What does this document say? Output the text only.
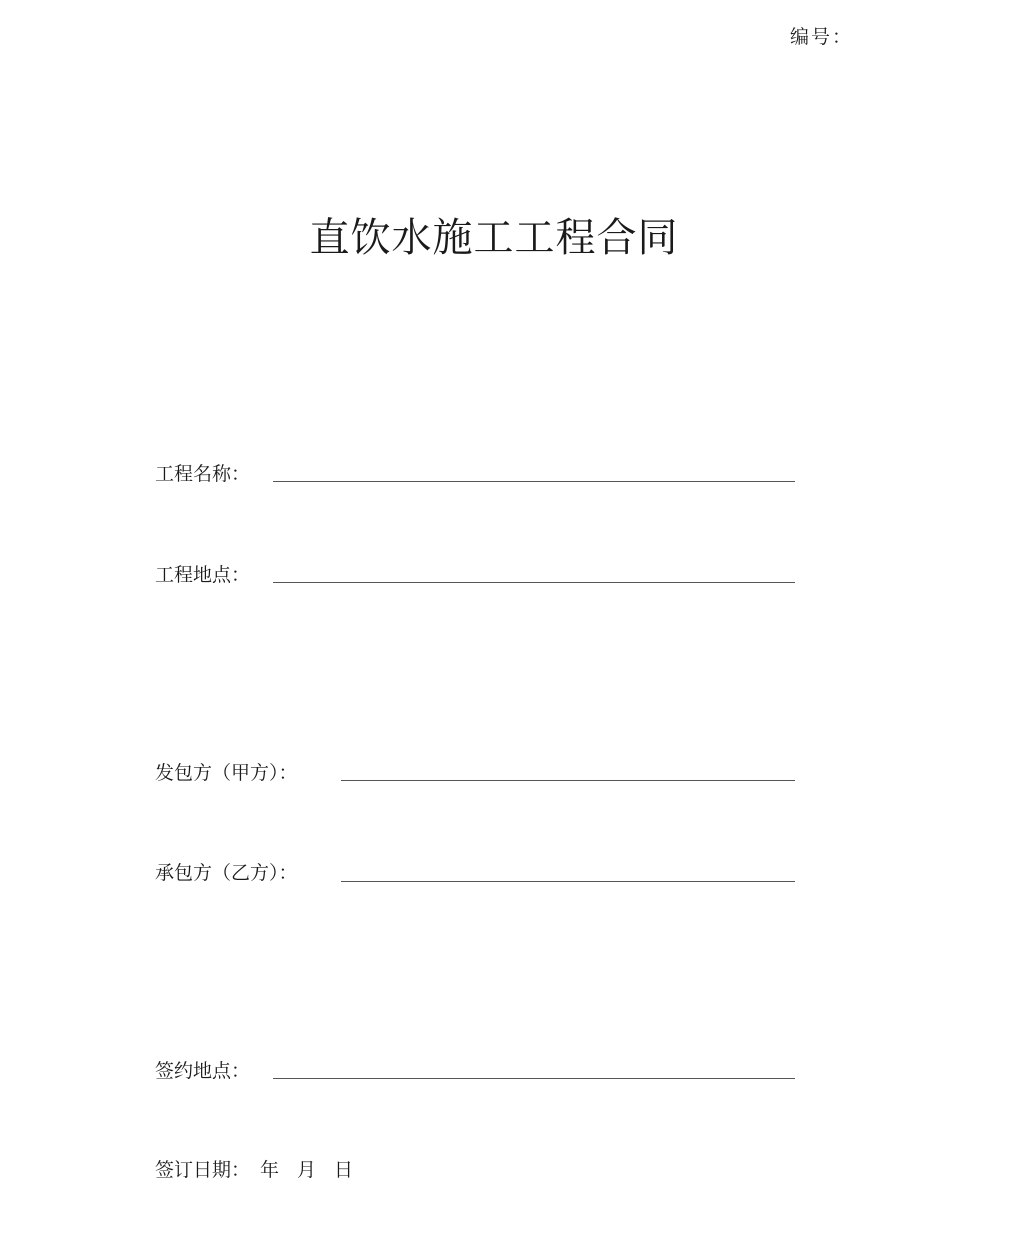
编号：
直饮水施工工程合同
工程名称：
工程地点：
发包方（甲方）：
承包方（乙方）：
签约地点：
签订日期： 年 月 日
